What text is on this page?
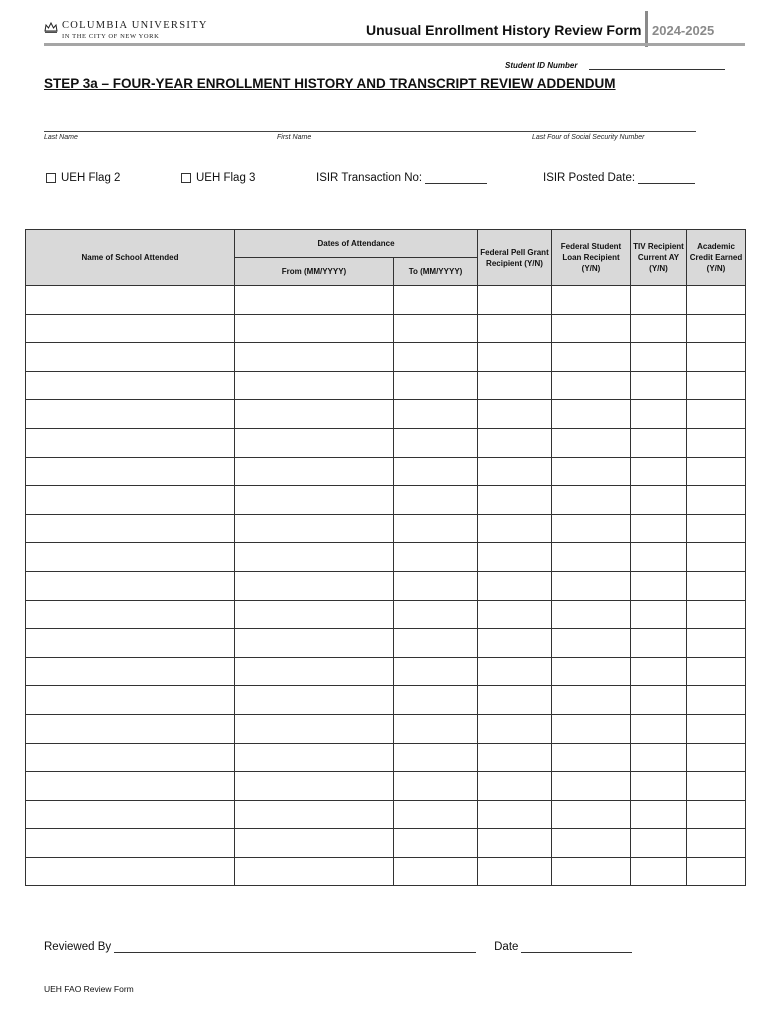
COLUMBIA UNIVERSITY
IN THE CITY OF NEW YORK	Unusual Enrollment History Review Form 2024-2025
Student ID Number
STEP 3a – FOUR-YEAR ENROLLMENT HISTORY AND TRANSCRIPT REVIEW ADDENDUM
Last Name	First Name	Last Four of Social Security Number
UEH Flag 2	UEH Flag 3	ISIR Transaction No:	ISIR Posted Date:
Name of School Attended	Dates of Attendance		Federal Pell Grant Recipient (Y/N)	Federal Student Loan Recipient (Y/N)	TIV Recipient Current AY (Y/N)	Academic Credit Earned (Y/N)
	From (MM/YYYY)	To (MM/YYYY)				

Reviewed By	Date
UEH FAO Review Form
